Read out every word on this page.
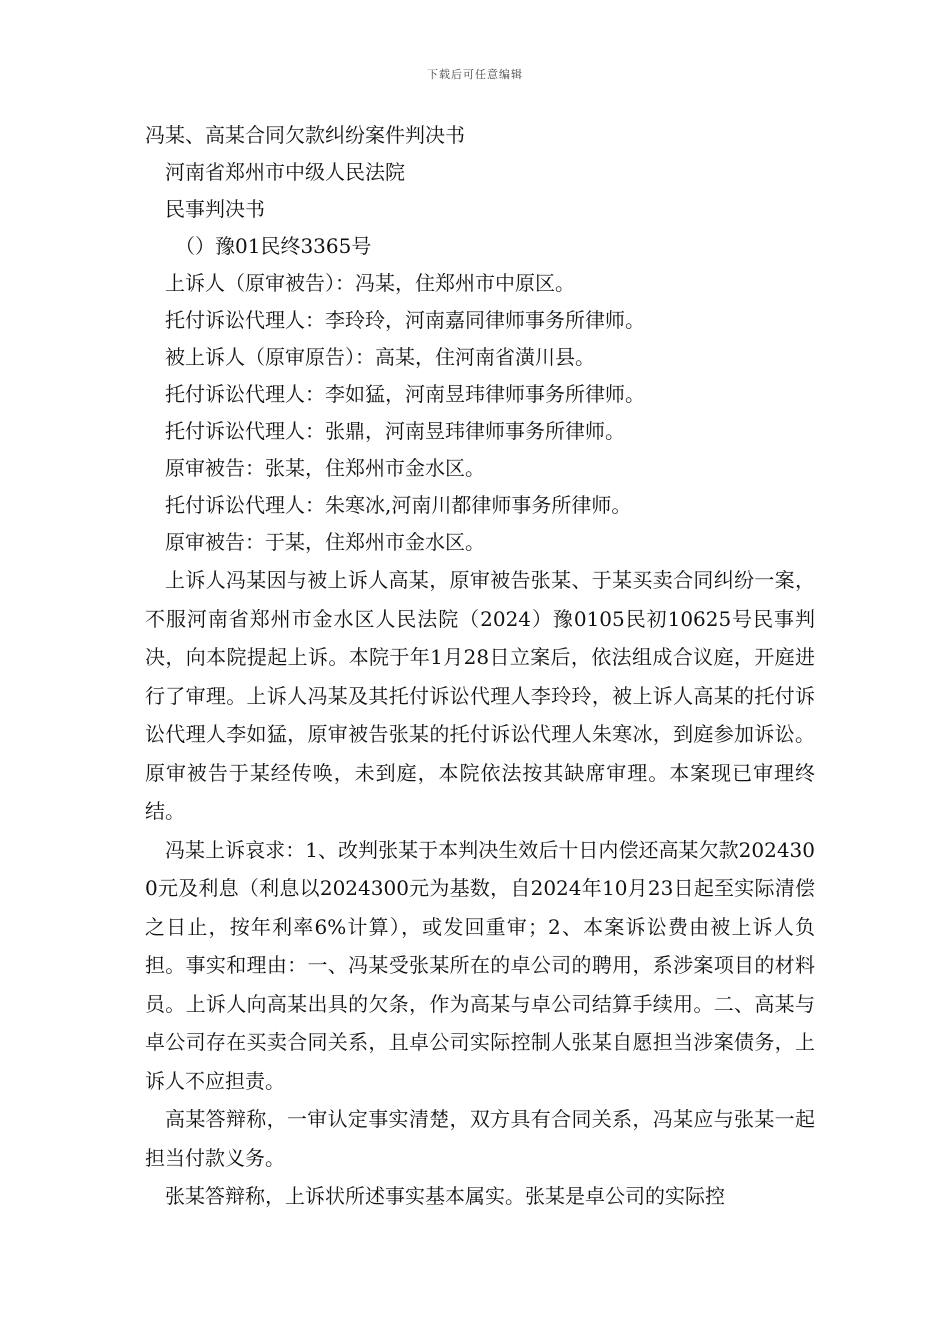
下载后可任意编辑
冯某、高某合同欠款纠纷案件判决书
河南省郑州市中级人民法院
民事判决书
（）豫01民终3365号
上诉人（原审被告）：冯某，住郑州市中原区。
托付诉讼代理人：李玲玲，河南嘉同律师事务所律师。
被上诉人（原审原告）：高某，住河南省潢川县。
托付诉讼代理人：李如猛，河南昱玮律师事务所律师。
托付诉讼代理人：张鼎，河南昱玮律师事务所律师。
原审被告：张某，住郑州市金水区。
托付诉讼代理人：朱寒冰,河南川都律师事务所律师。
原审被告：于某，住郑州市金水区。

上诉人冯某因与被上诉人高某，原审被告张某、于某买卖合同纠纷一案，不服河南省郑州市金水区人民法院（2024）豫0105民初10625号民事判决，向本院提起上诉。本院于年1月28日立案后，依法组成合议庭，开庭进行了审理。上诉人冯某及其托付诉讼代理人李玲玲，被上诉人高某的托付诉讼代理人李如猛，原审被告张某的托付诉讼代理人朱寒冰，到庭参加诉讼。原审被告于某经传唤，未到庭，本院依法按其缺席审理。本案现已审理终结。

冯某上诉哀求：1、改判张某于本判决生效后十日内偿还高某欠款2024300元及利息（利息以2024300元为基数，自2024年10月23日起至实际清偿之日止，按年利率6%计算），或发回重审；2、本案诉讼费由被上诉人负担。事实和理由：一、冯某受张某所在的卓公司的聘用，系涉案项目的材料员。上诉人向高某出具的欠条，作为高某与卓公司结算手续用。二、高某与卓公司存在买卖合同关系，且卓公司实际控制人张某自愿担当涉案债务，上诉人不应担责。

高某答辩称，一审认定事实清楚，双方具有合同关系，冯某应与张某一起担当付款义务。

张某答辩称，上诉状所述事实基本属实。张某是卓公司的实际控
